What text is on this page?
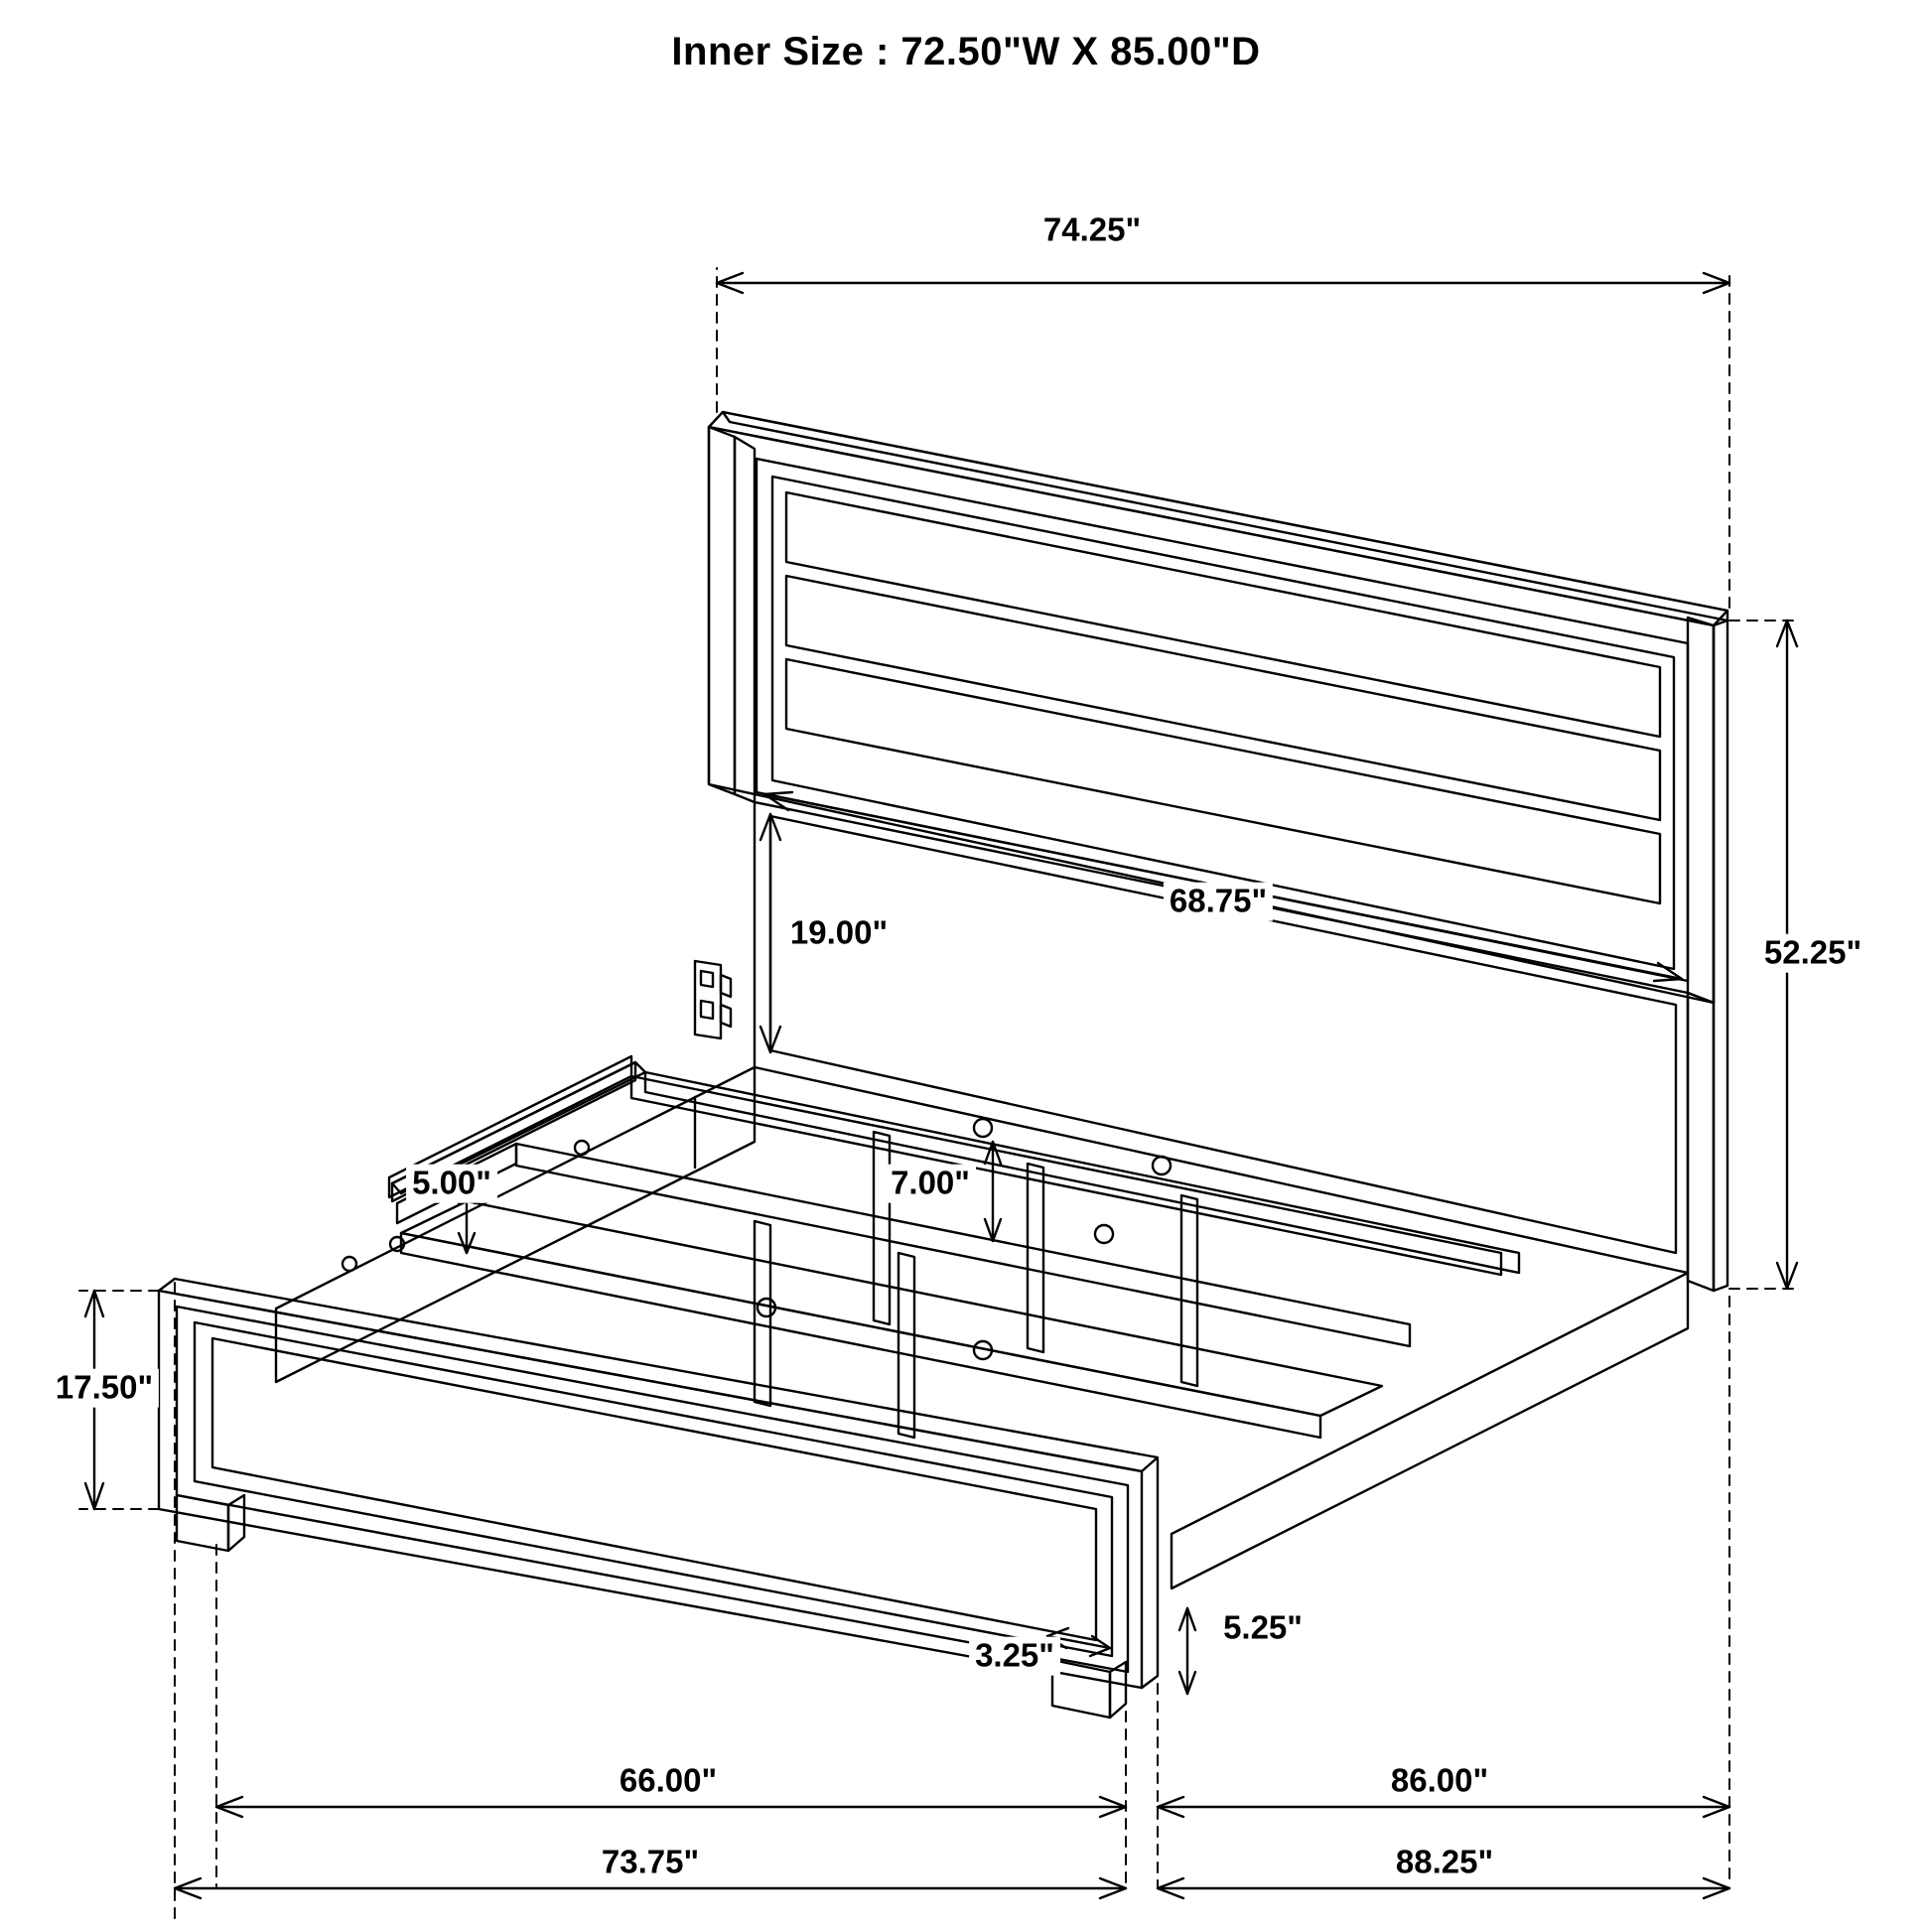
Inner Size : 72.50"W X 85.00"D
74.25"
52.25"
68.75"
19.00"
5.00"	7.00"
17.50"
3.25"
5.25"
66.00"	86.00"
73.75"	88.25"
